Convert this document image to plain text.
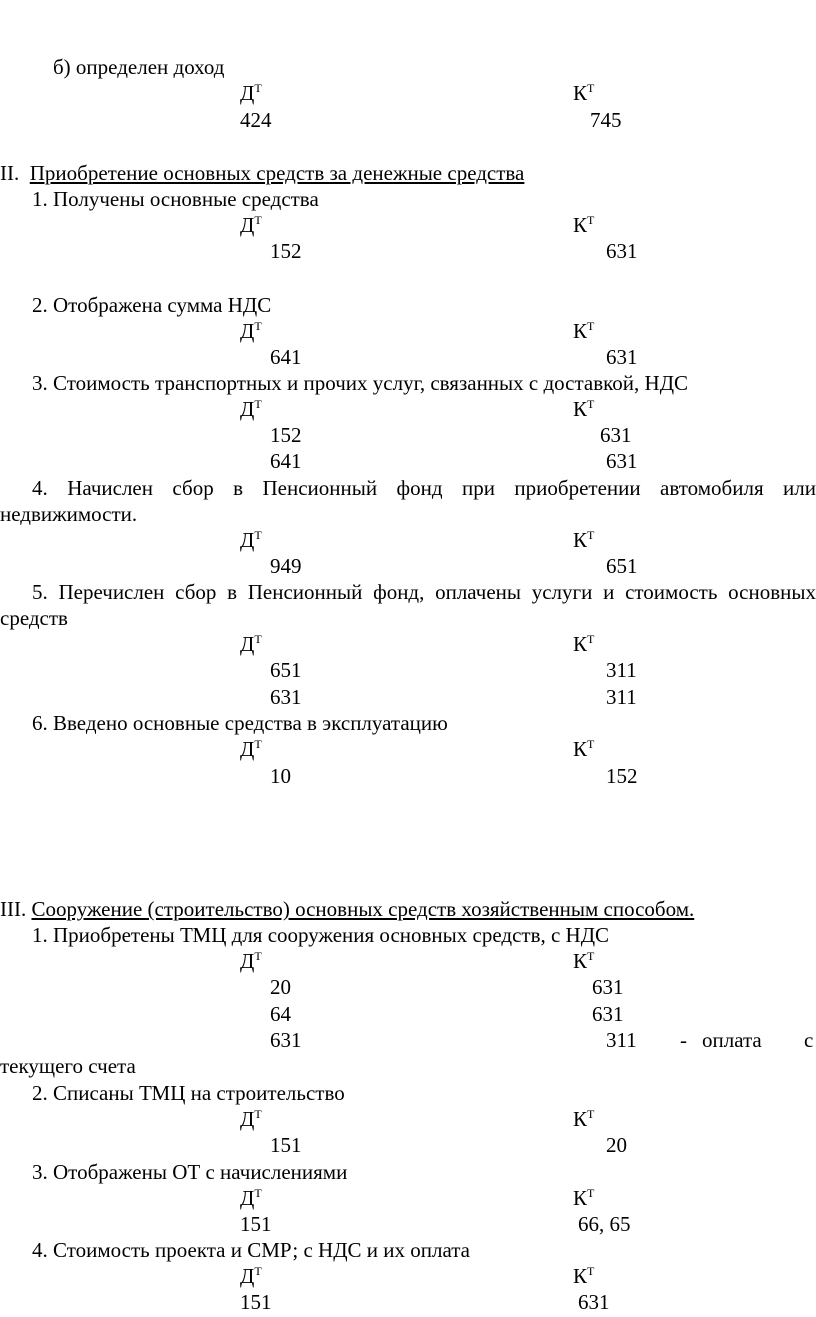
б) определен доход
$Д^Т$	$К^Т$
424	745
II. Приобретение основных средств за денежные средства
1. Получены основные средства
$Д^Т$	$К^Т$
152	631
2. Отображена сумма НДС
$Д^Т$	$К^Т$
641	631
3. Стоимость транспортных и прочих услуг, связанных с доставкой, НДС
$Д^Т$	$К^Т$
152	631
641	631
4. Начислен сбор в Пенсионный фонд при приобретении автомобиля или
недвижимости.
$Д^Т$	$К^Т$
949	651
5. Перечислен сбор в Пенсионный фонд, оплачены услуги и стоимость основных
средств
$Д^Т$	$К^Т$
651	311
631	311
6. Введено основные средства в эксплуатацию
$Д^Т$	$К^Т$
10	152
III. Сооружение (строительство) основных средств хозяйственным способом.
1. Приобретены ТМЦ для сооружения основных средств, с НДС
$Д^Т$	$К^Т$
20	631
64	631
631	311 - оплата с
текущего счета
2. Списаны ТМЦ на строительство
$Д^Т$	$К^Т$
151	20
3. Отображены ОТ с начислениями
$Д^Т$	$К^Т$
151	66, 65
4. Стоимость проекта и СМР; с НДС и их оплата
$Д^Т$	$К^Т$
151	631
